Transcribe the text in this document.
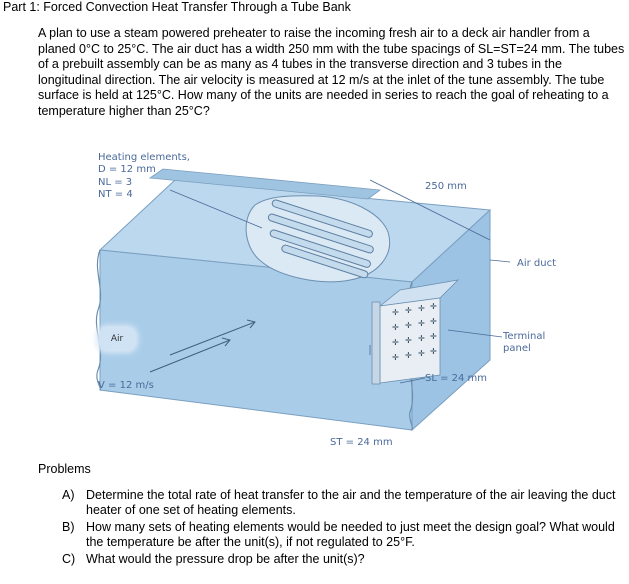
Part 1: Forced Convection Heat Transfer Through a Tube Bank
A plan to use a steam powered preheater to raise the incoming fresh air to a deck air handler from a planed 0°C to 25°C. The air duct has a width 250 mm with the tube spacings of SL=ST=24 mm. The tubes of a prebuilt assembly can be as many as 4 tubes in the transverse direction and 3 tubes in the longitudinal direction. The air velocity is measured at 12 m/s at the inlet of the tune assembly. The tube surface is held at 125°C. How many of the units are needed in series to reach the goal of reheating to a temperature higher than 25°C?
✛ ✛ ✛ ✛
✛ ✛ ✛ ✛
✛ ✛ ✛ ✛
✛ ✛ ✛ ✛
Heating elements,
D = 12 mm
NL = 3
NT = 4
250 mm
Air duct
Terminal
panel
SL = 24 mm
ST = 24 mm
Air
V = 12 m/s
Problems
A) Determine the total rate of heat transfer to the air and the temperature of the air leaving the duct heater of one set of heating elements.
B) How many sets of heating elements would be needed to just meet the design goal? What would the temperature be after the unit(s), if not regulated to 25°F.
C) What would the pressure drop be after the unit(s)?
